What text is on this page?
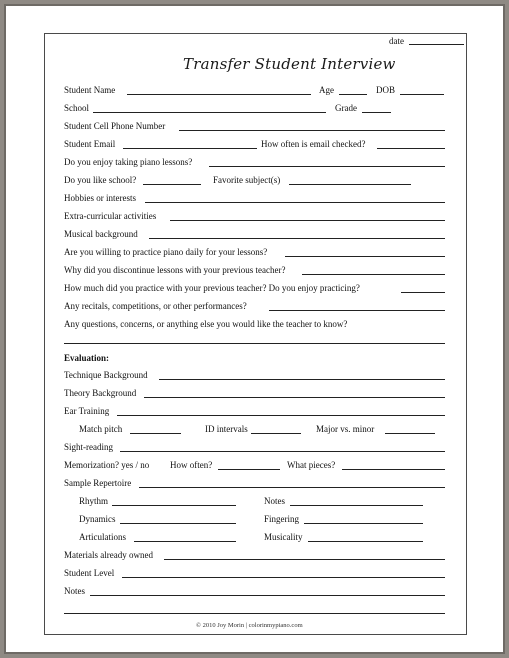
date
Transfer Student Interview
Student Name	Age	DOB
School	Grade
Student Cell Phone Number
Student Email	How often is email checked?
Do you enjoy taking piano lessons?
Do you like school?	Favorite subject(s)
Hobbies or interests
Extra-curricular activities
Musical background
Are you willing to practice piano daily for your lessons?
Why did you discontinue lessons with your previous teacher?
How much did you practice with your previous teacher? Do you enjoy practicing?
Any recitals, competitions, or other performances?
Any questions, concerns, or anything else you would like the teacher to know?
Evaluation:
Technique Background
Theory Background
Ear Training
Match pitch	ID intervals	Major vs. minor
Sight-reading
Memorization? yes / no How often?	What pieces?
Sample Repertoire
Rhythm	Notes
Dynamics	Fingering
Articulations	Musicality
Materials already owned
Student Level
Notes
© 2010 Joy Morin | colorinmypiano.com
